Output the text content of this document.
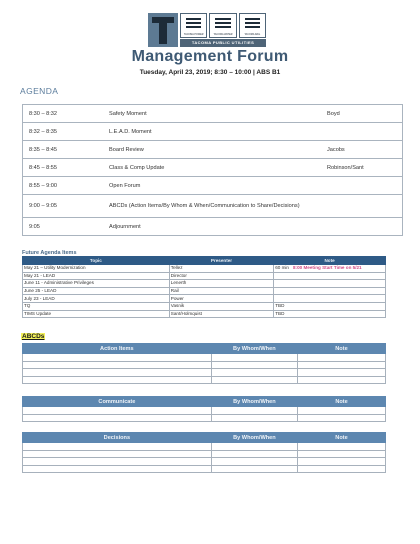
TACOMA POWER	TACOMA WATER	TACOMA RAIL
TACOMA PUBLIC UTILITIES
Management Forum
Tuesday, April 23, 2019; 8:30 – 10:00 | ABS B1
AGENDA
8:30 – 8:32	Safety Moment	Boyd
8:32 – 8:35	L.E.A.D. Moment	
8:35 – 8:45	Board Review	Jacobs
8:45 – 8:55	Class & Comp Update	Robinson/Sant
8:55 – 9:00	Open Forum	
9:00 – 9:05	ABCDs (Action Items/By Whom & When/Communication to Share/Decisions)	
9:05	Adjournment	
Future Agenda Items
Topic	Presenter	Note
May 21 – Utility Modernization	Tellez	60 min 8:00 Meeting Start Time on 5/21
May 21 - LEAD	Director	
June 11 - Administrative Privileges	Lenerth	
June 25 - LEAD	Rail	
July 23 - LEAD	Power	
TQ	Vasnik	TBD
TIMS Update	Sant/Holmquist	TBD
ABCDs
Action Items	By Whom/When	Note

Communicate	By Whom/When	Note

Decisions	By Whom/When	Note
